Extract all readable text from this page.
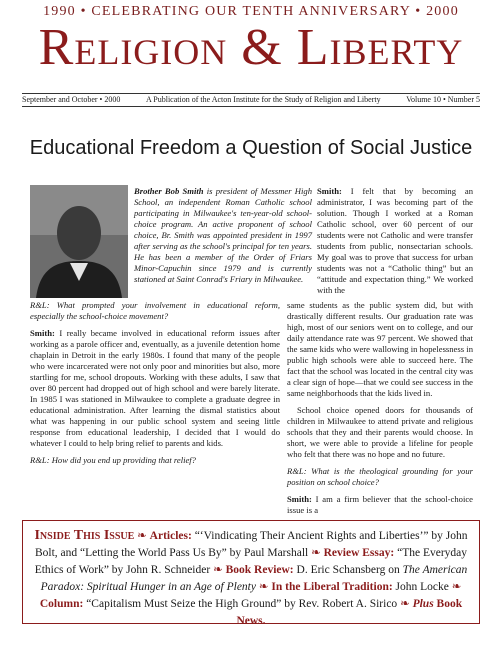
1990 • CELEBRATING OUR TENTH ANNIVERSARY • 2000
Religion & Liberty
September and October • 2000	A Publication of the Acton Institute for the Study of Religion and Liberty	Volume 10 • Number 5
Educational Freedom a Question of Social Justice
Brother Bob Smith is president of Messmer High School, an independent Roman Catholic school participating in Milwaukee's ten-year-old school-choice program. An active proponent of school choice, Br. Smith was appointed president in 1997 after serving as the school's principal for ten years. He has been a member of the Order of Friars Minor-Capuchin since 1979 and is currently stationed at Saint Conrad's Friary in Milwaukee.
Smith: I felt that by becoming an administrator, I was becoming part of the solution. Though I worked at a Roman Catholic school, over 60 percent of our students were not Catholic and were transfer students from public, nonsectarian schools. My goal was to prove that success for urban students was not a “Catholic thing” but an “attitude and expectation thing.” We worked with the

R&L: What prompted your involvement in educational reform, especially the school-choice movement?

Smith: I really became involved in educational reform issues after working as a parole officer and, eventually, as a juvenile detention home chaplain in Detroit in the early 1980s. I found that many of the people who were incarcerated were not only poor and minorities but also, more startling for me, school dropouts. Working with these adults, I saw that over 80 percent had dropped out of high school and were barely literate. In 1985 I was stationed in Milwaukee to complete a graduate degree in educational administration. After learning the dismal statistics about what was happening in our public school system and seeing little response from educational leadership, I decided that I would do whatever I could to help bring relief to parents and kids.

R&L: How did you end up providing that relief?

same students as the public system did, but with drastically different results. Our graduation rate was high, most of our seniors went on to college, and our daily attendance rate was 97 percent. We showed that the same kids who were wallowing in hopelessness in public high schools were able to succeed here. The fact that the school was located in the central city was a clear sign of hope—that we could see success in the same neighborhoods that the kids lived in.

School choice opened doors for thousands of children in Milwaukee to attend private and religious schools that they and their parents would choose. In short, we were able to provide a lifeline for people who felt that there was no hope and no future.

R&L: What is the theological grounding for your position on school choice?

Smith: I am a firm believer that the school-choice issue is a

Inside This Issue ❧ Articles: “‘Vindicating Their Ancient Rights and Liberties’” by John Bolt, and “Letting the World Pass Us By” by Paul Marshall ❧ Review Essay: “The Everyday Ethics of Work” by John R. Schneider ❧ Book Review: D. Eric Schansberg on The American Paradox: Spiritual Hunger in an Age of Plenty ❧ In the Liberal Tradition: John Locke ❧ Column: “Capitalism Must Seize the High Ground” by Rev. Robert A. Sirico ❧ Plus Book News.
